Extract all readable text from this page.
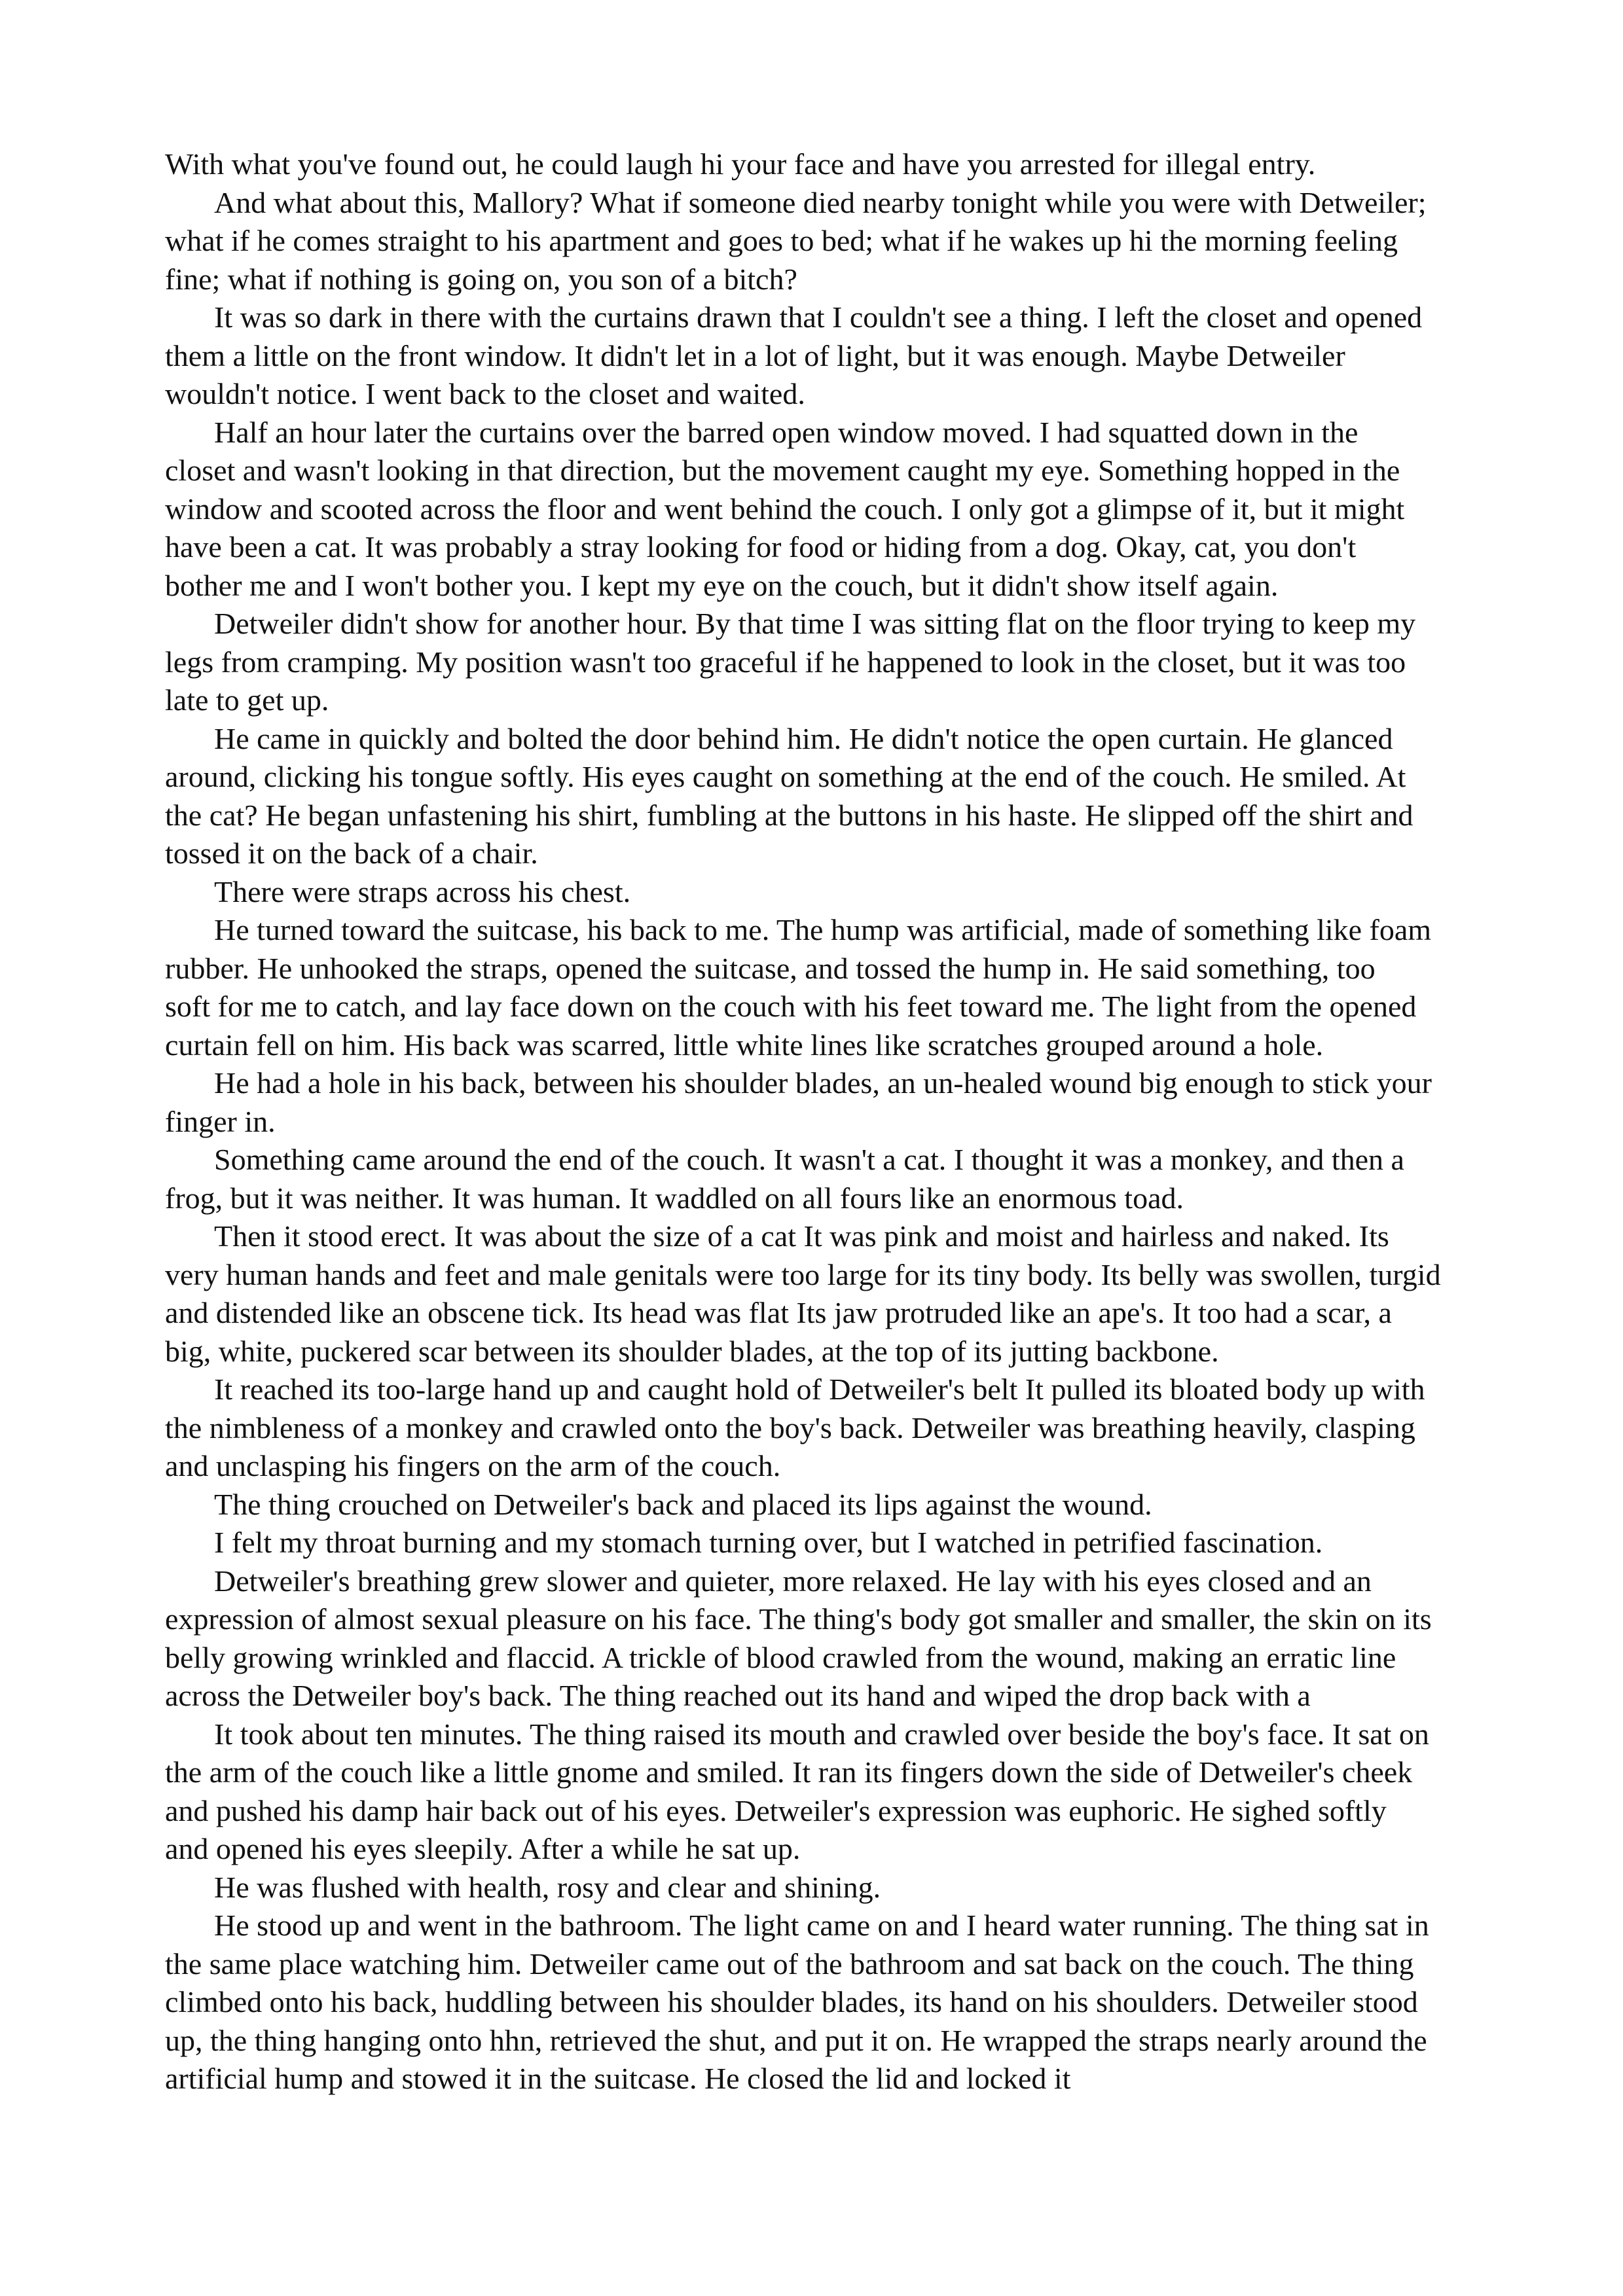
With what you've found out, he could laugh hi your face and have you arrested for illegal entry.

And what about this, Mallory? What if someone died nearby tonight while you were with Detweiler;
what if he comes straight to his apartment and goes to bed; what if he wakes up hi the morning feeling
fine; what if nothing is going on, you son of a bitch?

It was so dark in there with the curtains drawn that I couldn't see a thing. I left the closet and opened
them a little on the front window. It didn't let in a lot of light, but it was enough. Maybe Detweiler
wouldn't notice. I went back to the closet and waited.

Half an hour later the curtains over the barred open window moved. I had squatted down in the
closet and wasn't looking in that direction, but the movement caught my eye. Something hopped in the
window and scooted across the floor and went behind the couch. I only got a glimpse of it, but it might
have been a cat. It was probably a stray looking for food or hiding from a dog. Okay, cat, you don't
bother me and I won't bother you. I kept my eye on the couch, but it didn't show itself again.

Detweiler didn't show for another hour. By that time I was sitting flat on the floor trying to keep my
legs from cramping. My position wasn't too graceful if he happened to look in the closet, but it was too
late to get up.

He came in quickly and bolted the door behind him. He didn't notice the open curtain. He glanced
around, clicking his tongue softly. His eyes caught on something at the end of the couch. He smiled. At
the cat? He began unfastening his shirt, fumbling at the buttons in his haste. He slipped off the shirt and
tossed it on the back of a chair.

There were straps across his chest.

He turned toward the suitcase, his back to me. The hump was artificial, made of something like foam
rubber. He unhooked the straps, opened the suitcase, and tossed the hump in. He said something, too
soft for me to catch, and lay face down on the couch with his feet toward me. The light from the opened
curtain fell on him. His back was scarred, little white lines like scratches grouped around a hole.

He had a hole in his back, between his shoulder blades, an un-healed wound big enough to stick your
finger in.

Something came around the end of the couch. It wasn't a cat. I thought it was a monkey, and then a
frog, but it was neither. It was human. It waddled on all fours like an enormous toad.

Then it stood erect. It was about the size of a cat It was pink and moist and hairless and naked. Its
very human hands and feet and male genitals were too large for its tiny body. Its belly was swollen, turgid
and distended like an obscene tick. Its head was flat Its jaw protruded like an ape's. It too had a scar, a
big, white, puckered scar between its shoulder blades, at the top of its jutting backbone.

It reached its too-large hand up and caught hold of Detweiler's belt It pulled its bloated body up with
the nimbleness of a monkey and crawled onto the boy's back. Detweiler was breathing heavily, clasping
and unclasping his fingers on the arm of the couch.

The thing crouched on Detweiler's back and placed its lips against the wound.

I felt my throat burning and my stomach turning over, but I watched in petrified fascination.

Detweiler's breathing grew slower and quieter, more relaxed. He lay with his eyes closed and an
expression of almost sexual pleasure on his face. The thing's body got smaller and smaller, the skin on its
belly growing wrinkled and flaccid. A trickle of blood crawled from the wound, making an erratic line
across the Detweiler boy's back. The thing reached out its hand and wiped the drop back with a

It took about ten minutes. The thing raised its mouth and crawled over beside the boy's face. It sat on
the arm of the couch like a little gnome and smiled. It ran its fingers down the side of Detweiler's cheek
and pushed his damp hair back out of his eyes. Detweiler's expression was euphoric. He sighed softly
and opened his eyes sleepily. After a while he sat up.

He was flushed with health, rosy and clear and shining.

He stood up and went in the bathroom. The light came on and I heard water running. The thing sat in
the same place watching him. Detweiler came out of the bathroom and sat back on the couch. The thing
climbed onto his back, huddling between his shoulder blades, its hand on his shoulders. Detweiler stood
up, the thing hanging onto hhn, retrieved the shut, and put it on. He wrapped the straps nearly around the
artificial hump and stowed it in the suitcase. He closed the lid and locked it
